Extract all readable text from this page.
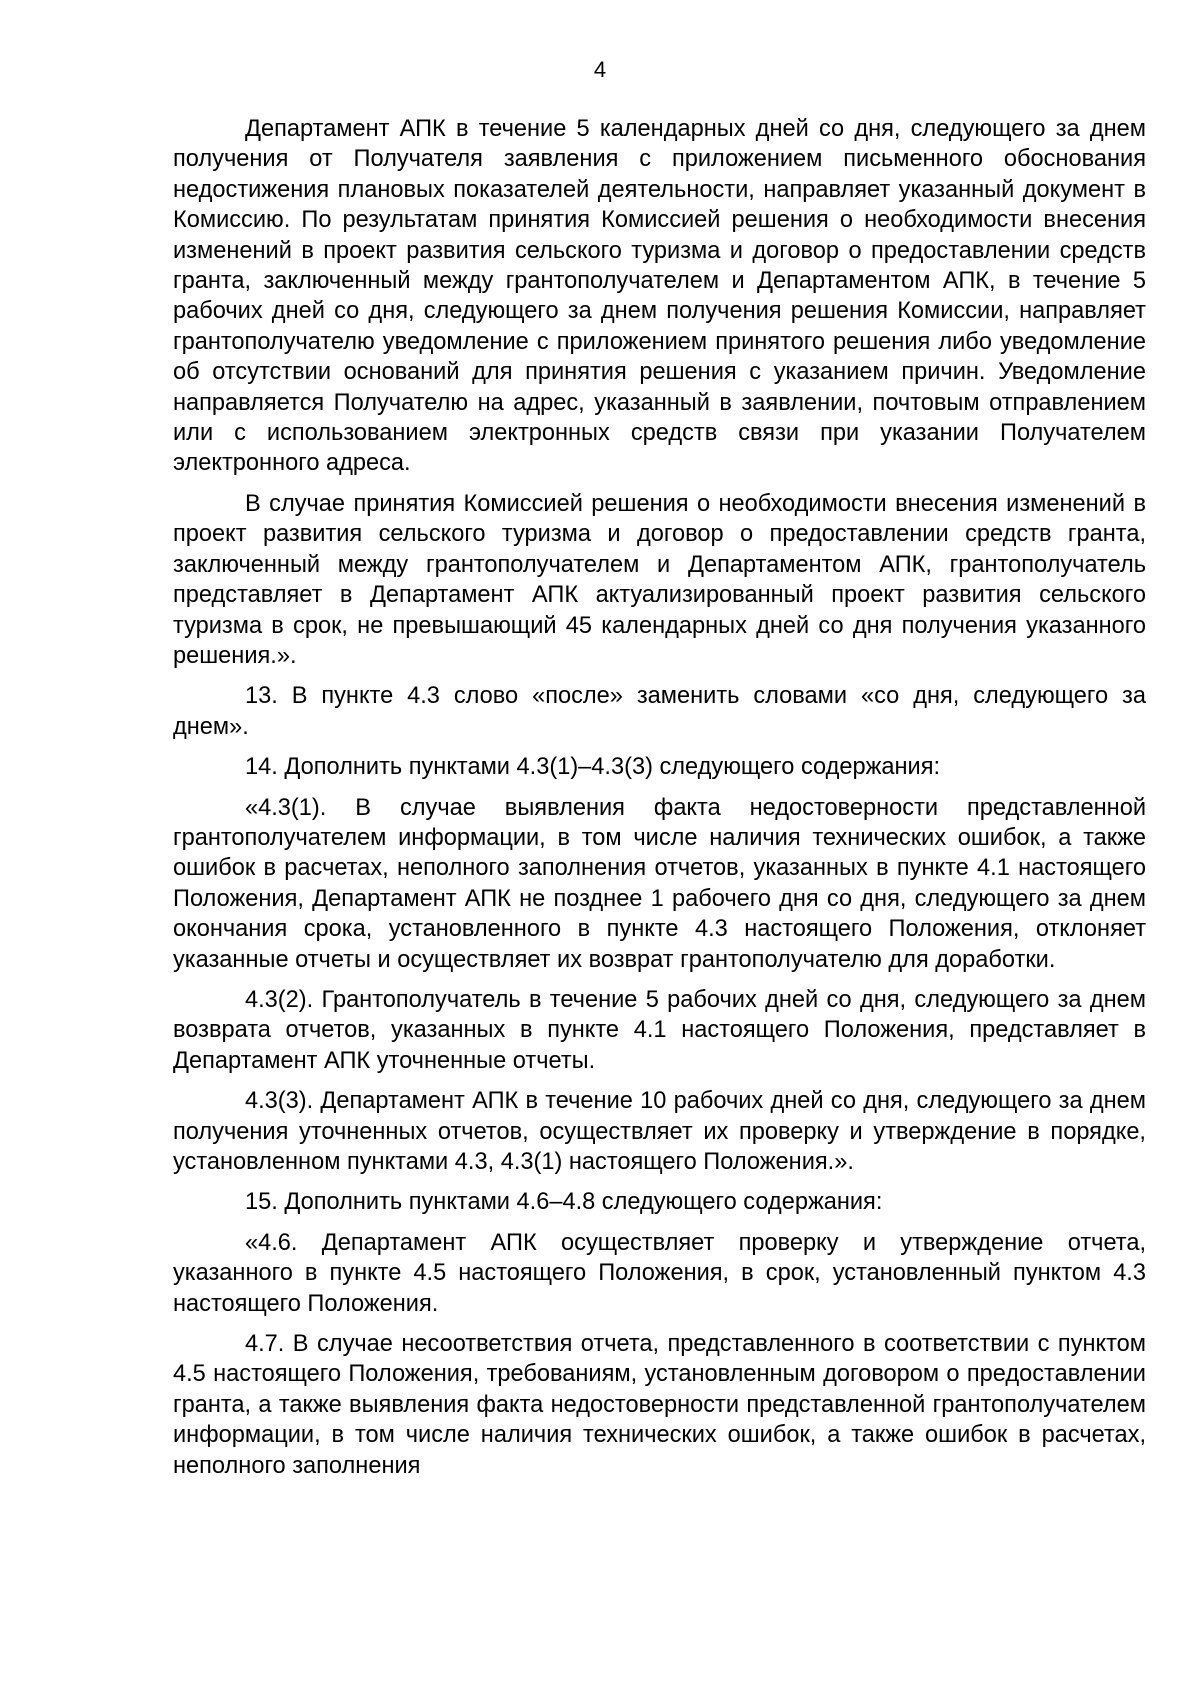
4

Департамент АПК в течение 5 календарных дней со дня, следующего за днем получения от Получателя заявления с приложением письменного обоснования недостижения плановых показателей деятельности, направляет указанный документ в Комиссию. По результатам принятия Комиссией решения о необходимости внесения изменений в проект развития сельского туризма и договор о предоставлении средств гранта, заключенный между грантополучателем и Департаментом АПК, в течение 5 рабочих дней со дня, следующего за днем получения решения Комиссии, направляет грантополучателю уведомление с приложением принятого решения либо уведомление об отсутствии оснований для принятия решения с указанием причин. Уведомление направляется Получателю на адрес, указанный в заявлении, почтовым отправлением или с использованием электронных средств связи при указании Получателем электронного адреса.

В случае принятия Комиссией решения о необходимости внесения изменений в проект развития сельского туризма и договор о предоставлении средств гранта, заключенный между грантополучателем и Департаментом АПК, грантополучатель представляет в Департамент АПК актуализированный проект развития сельского туризма в срок, не превышающий 45 календарных дней со дня получения указанного решения.».

13. В пункте 4.3 слово «после» заменить словами «со дня, следующего за днем».

14. Дополнить пунктами 4.3(1)–4.3(3) следующего содержания:

«4.3(1). В случае выявления факта недостоверности представленной грантополучателем информации, в том числе наличия технических ошибок, а также ошибок в расчетах, неполного заполнения отчетов, указанных в пункте 4.1 настоящего Положения, Департамент АПК не позднее 1 рабочего дня со дня, следующего за днем окончания срока, установленного в пункте 4.3 настоящего Положения, отклоняет указанные отчеты и осуществляет их возврат грантополучателю для доработки.

4.3(2). Грантополучатель в течение 5 рабочих дней со дня, следующего за днем возврата отчетов, указанных в пункте 4.1 настоящего Положения, представляет в Департамент АПК уточненные отчеты.

4.3(3). Департамент АПК в течение 10 рабочих дней со дня, следующего за днем получения уточненных отчетов, осуществляет их проверку и утверждение в порядке, установленном пунктами 4.3, 4.3(1) настоящего Положения.».

15. Дополнить пунктами 4.6–4.8 следующего содержания:

«4.6. Департамент АПК осуществляет проверку и утверждение отчета, указанного в пункте 4.5 настоящего Положения, в срок, установленный пунктом 4.3 настоящего Положения.

4.7. В случае несоответствия отчета, представленного в соответствии с пунктом 4.5 настоящего Положения, требованиям, установленным договором о предоставлении гранта, а также выявления факта недостоверности представленной грантополучателем информации, в том числе наличия технических ошибок, а также ошибок в расчетах, неполного заполнения
